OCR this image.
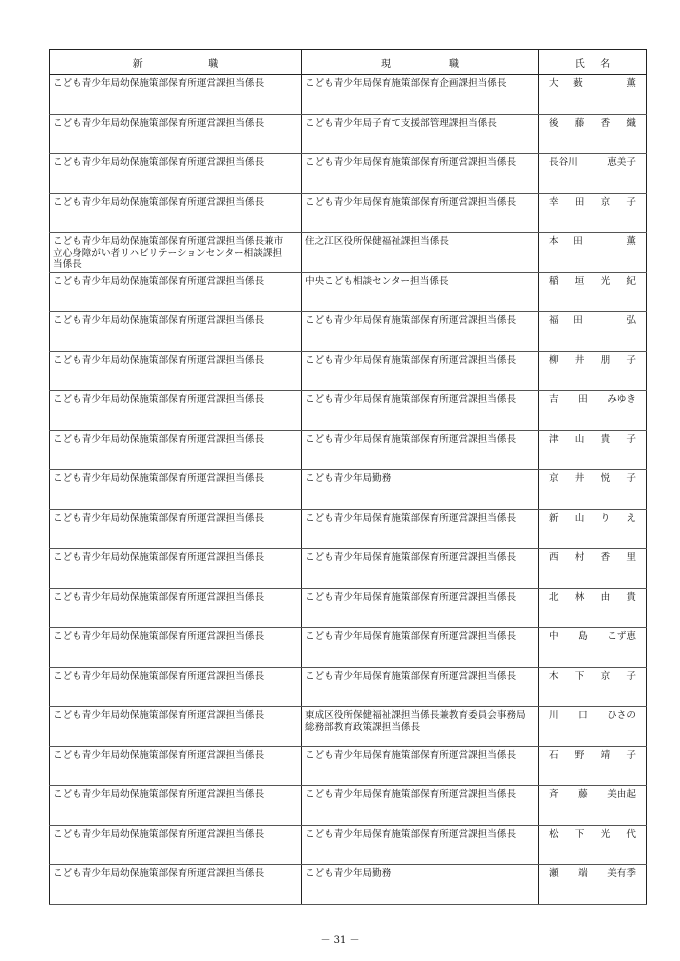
新 職	現 職	氏 名

こども青少年局幼保施策部保育所運営課担当係長	こども青少年局保育施策部保育企画課担当係長	大 薮 薫

こども青少年局幼保施策部保育所運営課担当係長	こども青少年局子育て支援部管理課担当係長	後 藤 香 織

こども青少年局幼保施策部保育所運営課担当係長	こども青少年局保育施策部保育所運営課担当係長	長谷川 恵美子

こども青少年局幼保施策部保育所運営課担当係長	こども青少年局保育施策部保育所運営課担当係長	幸 田 京 子

こども青少年局幼保施策部保育所運営課担当係長兼市立心身障がい者リハビリテーションセンター相談課担当係長	住之江区役所保健福祉課担当係長	本 田 薫

こども青少年局幼保施策部保育所運営課担当係長	中央こども相談センター担当係長	稲 垣 光 紀

こども青少年局幼保施策部保育所運営課担当係長	こども青少年局保育施策部保育所運営課担当係長	福 田 弘

こども青少年局幼保施策部保育所運営課担当係長	こども青少年局保育施策部保育所運営課担当係長	柳 井 朋 子

こども青少年局幼保施策部保育所運営課担当係長	こども青少年局保育施策部保育所運営課担当係長	吉 田 みゆき

こども青少年局幼保施策部保育所運営課担当係長	こども青少年局保育施策部保育所運営課担当係長	津 山 貴 子

こども青少年局幼保施策部保育所運営課担当係長	こども青少年局勤務	京 井 悦 子

こども青少年局幼保施策部保育所運営課担当係長	こども青少年局保育施策部保育所運営課担当係長	新 山 り え

こども青少年局幼保施策部保育所運営課担当係長	こども青少年局保育施策部保育所運営課担当係長	西 村 香 里

こども青少年局幼保施策部保育所運営課担当係長	こども青少年局保育施策部保育所運営課担当係長	北 林 由 貴

こども青少年局幼保施策部保育所運営課担当係長	こども青少年局保育施策部保育所運営課担当係長	中 島 こず恵

こども青少年局幼保施策部保育所運営課担当係長	こども青少年局保育施策部保育所運営課担当係長	木 下 京 子

こども青少年局幼保施策部保育所運営課担当係長	東成区役所保健福祉課担当係長兼教育委員会事務局総務部教育政策課担当係長	川 口 ひさの

こども青少年局幼保施策部保育所運営課担当係長	こども青少年局保育施策部保育所運営課担当係長	石 野 靖 子

こども青少年局幼保施策部保育所運営課担当係長	こども青少年局保育施策部保育所運営課担当係長	斉 藤 美由起

こども青少年局幼保施策部保育所運営課担当係長	こども青少年局保育施策部保育所運営課担当係長	松 下 光 代

こども青少年局幼保施策部保育所運営課担当係長	こども青少年局勤務	瀬 端 美有季
－ 31 －
